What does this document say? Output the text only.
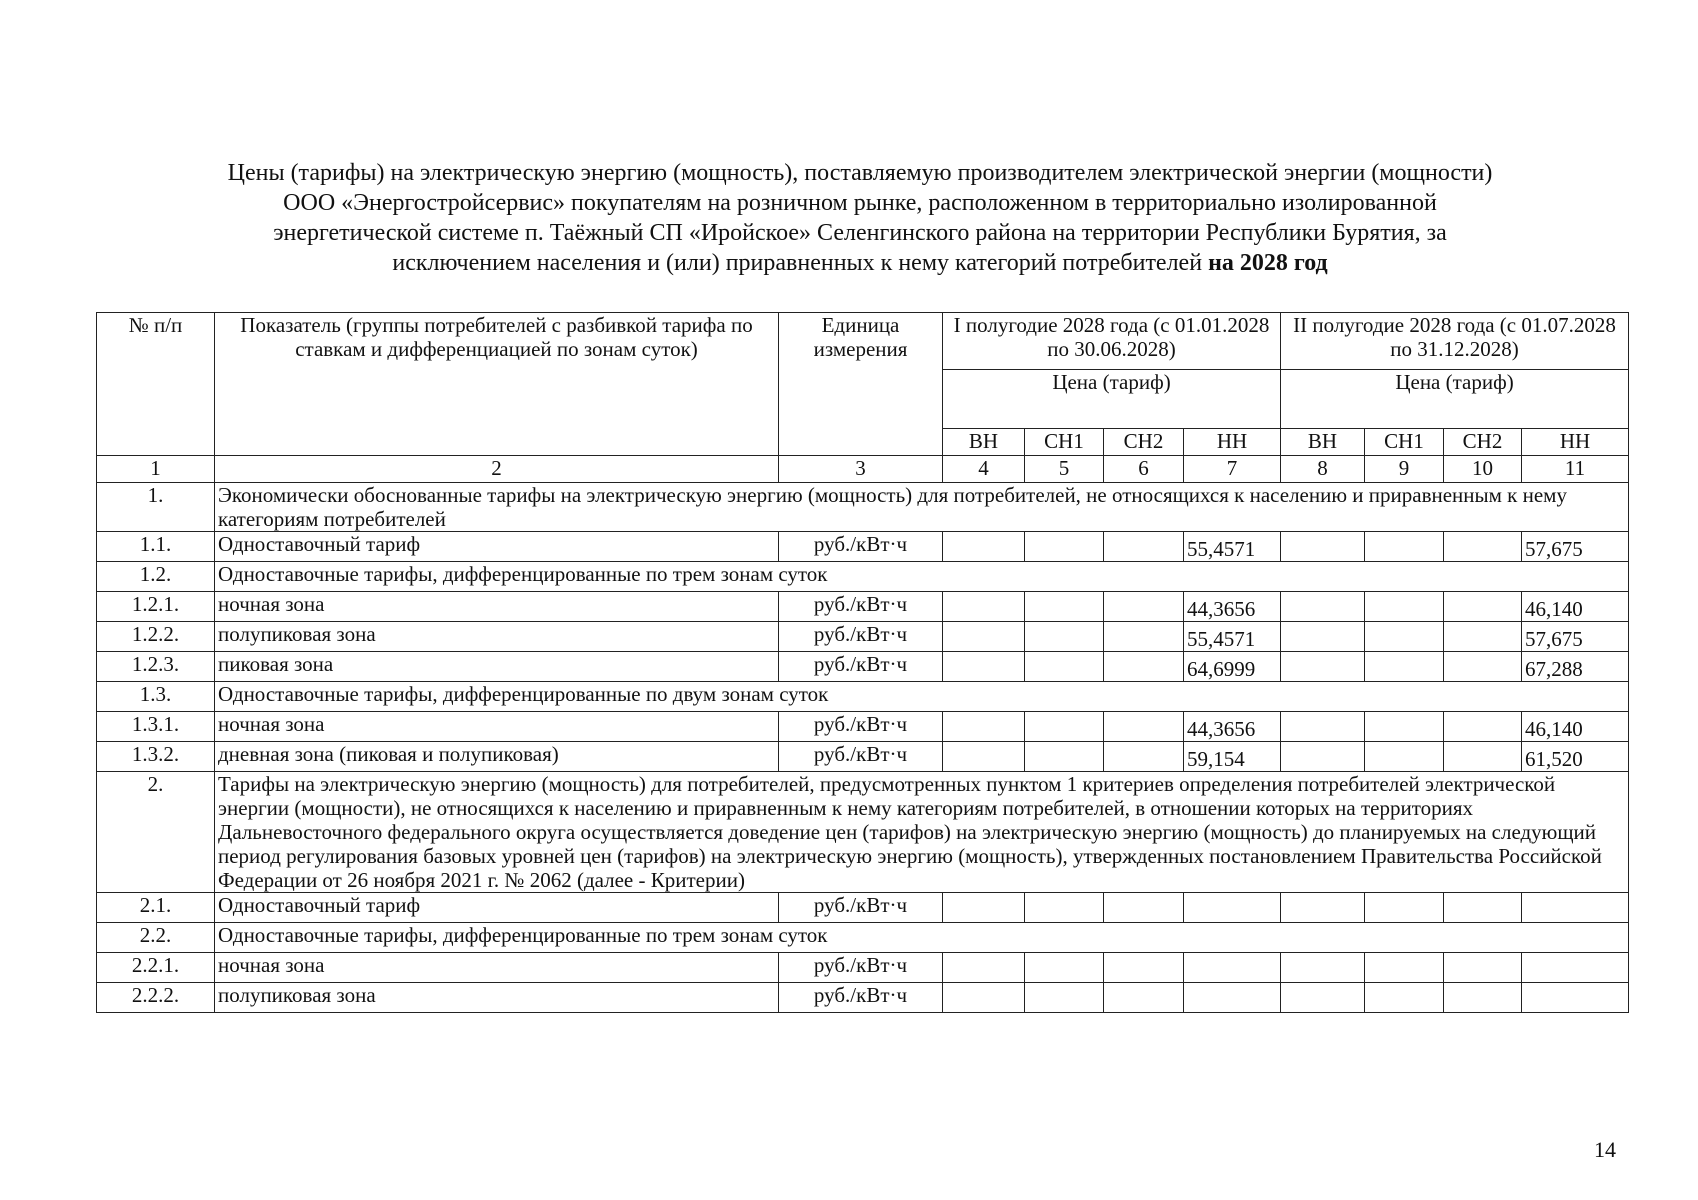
Цены (тарифы) на электрическую энергию (мощность), поставляемую производителем электрической энергии (мощности)
ООО «Энергостройсервис» покупателям на розничном рынке, расположенном в территориально изолированной
энергетической системе п. Таёжный СП «Иройское» Селенгинского района на территории Республики Бурятия, за
исключением населения и (или) приравненных к нему категорий потребителей на 2028 год
№ п/п	Показатель (группы потребителей с разбивкой тарифа по ставкам и дифференциацией по зонам суток)	Единица измерения	I полугодие 2028 года (с 01.01.2028 по 30.06.2028)				II полугодие 2028 года (с 01.07.2028 по 31.12.2028)			
			Цена (тариф)				Цена (тариф)			
			ВН	СН1	СН2	НН	ВН	СН1	СН2	НН
1	2	3	4	5	6	7	8	9	10	11
1.	Экономически обоснованные тарифы на электрическую энергию (мощность) для потребителей, не относящихся к населению и приравненным к нему категориям потребителей									
1.1.	Одноставочный тариф	руб./кВт·ч				55,4571				57,675
1.2.	Одноставочные тарифы, дифференцированные по трем зонам суток									
1.2.1.	ночная зона	руб./кВт·ч				44,3656				46,140
1.2.2.	полупиковая зона	руб./кВт·ч				55,4571				57,675
1.2.3.	пиковая зона	руб./кВт·ч				64,6999				67,288
1.3.	Одноставочные тарифы, дифференцированные по двум зонам суток									
1.3.1.	ночная зона	руб./кВт·ч				44,3656				46,140
1.3.2.	дневная зона (пиковая и полупиковая)	руб./кВт·ч				59,154				61,520
2.	Тарифы на электрическую энергию (мощность) для потребителей, предусмотренных пунктом 1 критериев определения потребителей электрической энергии (мощности), не относящихся к населению и приравненным к нему категориям потребителей, в отношении которых на территориях Дальневосточного федерального округа осуществляется доведение цен (тарифов) на электрическую энергию (мощность) до планируемых на следующий период регулирования базовых уровней цен (тарифов) на электрическую энергию (мощность), утвержденных постановлением Правительства Российской Федерации от 26 ноября 2021 г. № 2062 (далее - Критерии)									
2.1.	Одноставочный тариф	руб./кВт·ч								
2.2.	Одноставочные тарифы, дифференцированные по трем зонам суток									
2.2.1.	ночная зона	руб./кВт·ч								
2.2.2.	полупиковая зона	руб./кВт·ч								
14
